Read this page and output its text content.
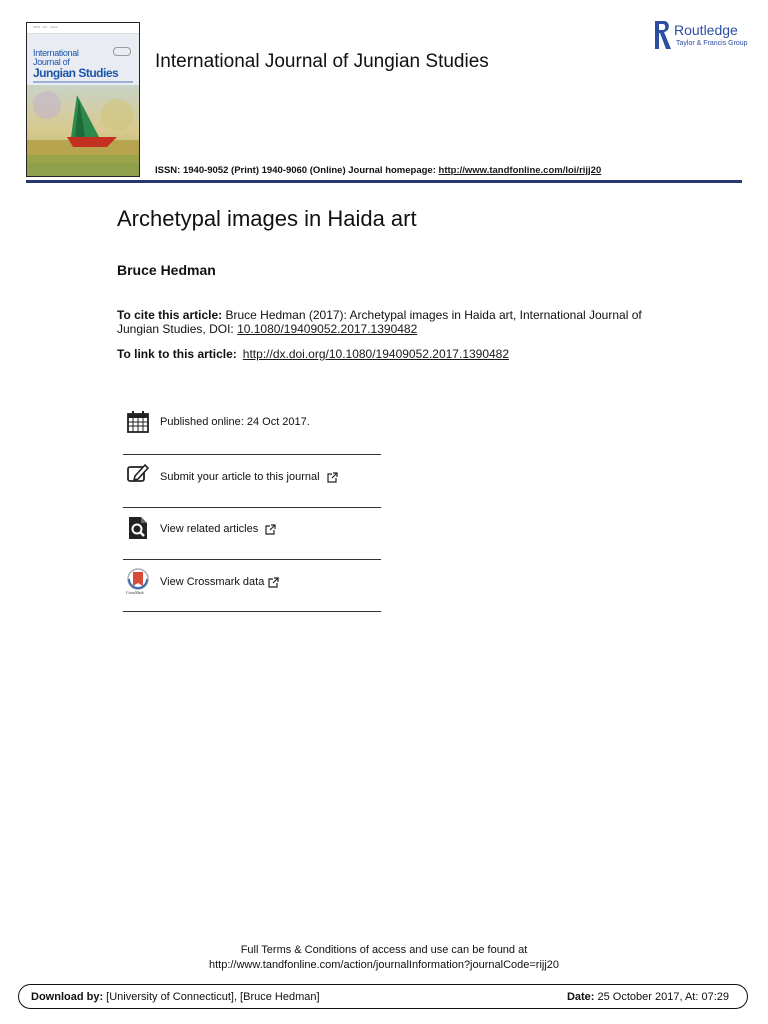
ISSN · Vol. · Issue
International
Journal of
Jungian Studies
International Journal of Jungian Studies
Routledge
Taylor & Francis Group
ISSN: 1940-9052 (Print) 1940-9060 (Online) Journal homepage: http://www.tandfonline.com/loi/rijj20
Archetypal images in Haida art
Bruce Hedman
To cite this article: Bruce Hedman (2017): Archetypal images in Haida art, International Journal of Jungian Studies, DOI: 10.1080/19409052.2017.1390482
To link to this article: http://dx.doi.org/10.1080/19409052.2017.1390482
Published online: 24 Oct 2017.
Submit your article to this journal
View related articles
CrossMark
View Crossmark data
Full Terms & Conditions of access and use can be found at
http://www.tandfonline.com/action/journalInformation?journalCode=rijj20
Download by: [University of Connecticut], [Bruce Hedman]	Date: 25 October 2017, At: 07:29
